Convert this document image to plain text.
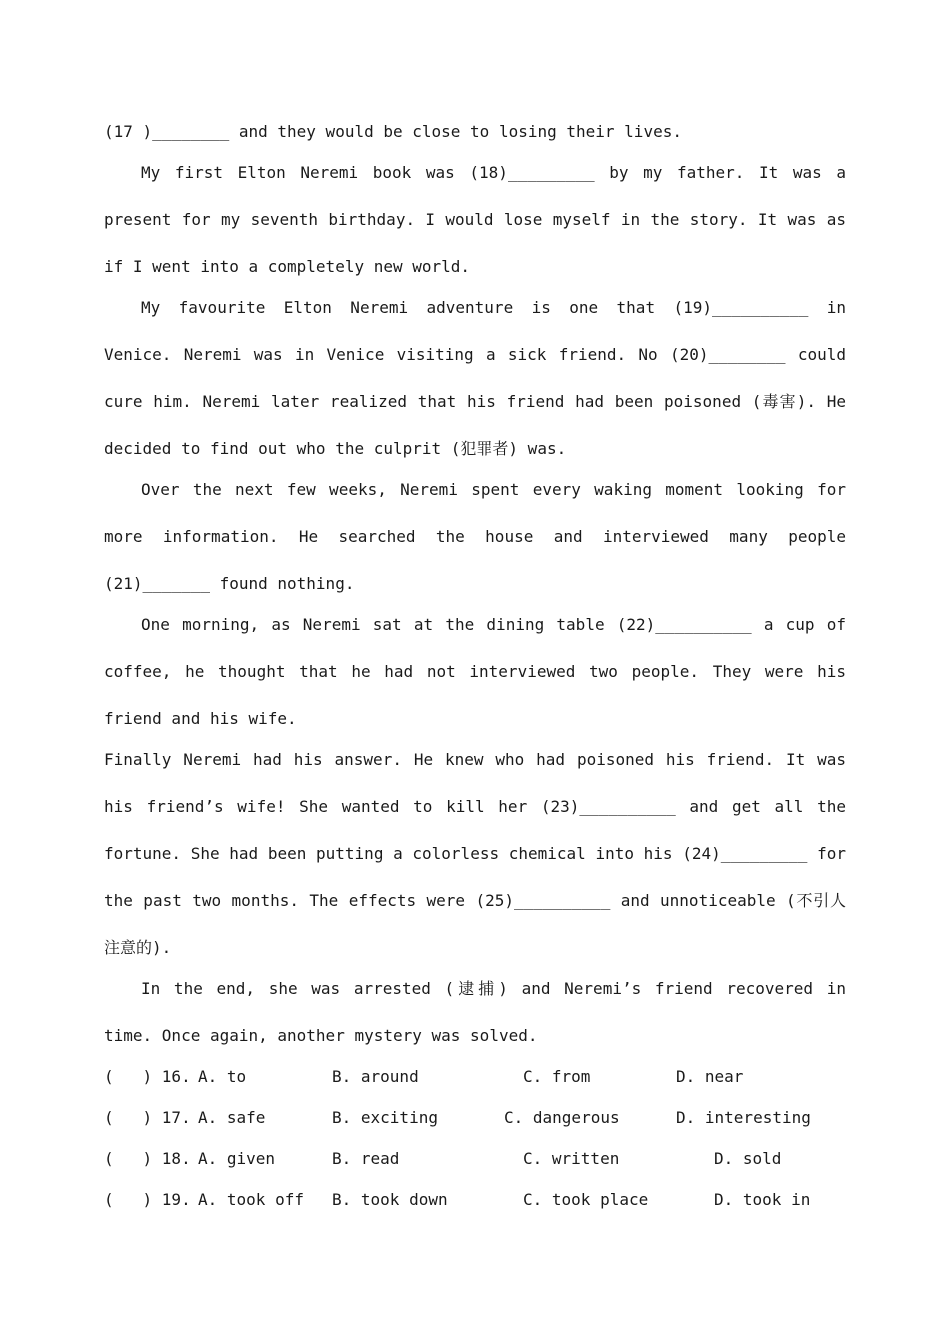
(17 )________ and they would be close to losing their lives.
My first Elton Neremi book was (18)_________ by my father. It was a
present for my seventh birthday. I would lose myself in the story. It was as
if I went into a completely new world.
My favourite Elton Neremi adventure is one that (19)__________ in
Venice. Neremi was in Venice visiting a sick friend. No (20)________ could
cure him. Neremi later realized that his friend had been poisoned (毒害). He
decided to find out who the culprit (犯罪者) was.
Over the next few weeks, Neremi spent every waking moment looking for
more information. He searched the house and interviewed many people
(21)_______ found nothing.
One morning, as Neremi sat at the dining table (22)__________ a cup of
coffee, he thought that he had not interviewed two people. They were his
friend and his wife.
Finally Neremi had his answer. He knew who had poisoned his friend. It was
his friend’s wife! She wanted to kill her (23)__________ and get all the
fortune. She had been putting a colorless chemical into his (24)_________ for
the past two months. The effects were (25)__________ and unnoticeable (不引人
注意的).
In the end, she was arrested (逮捕) and Neremi’s friend recovered in
time. Once again, another mystery was solved.
(   ) 16. A. to	B. around	C. from	D. near
(   ) 17. A. safe	B. exciting	C. dangerous	D. interesting
(   ) 18. A. given	B. read	C. written	D. sold
(   ) 19. A. took off B. took down	C. took place	D. took in
